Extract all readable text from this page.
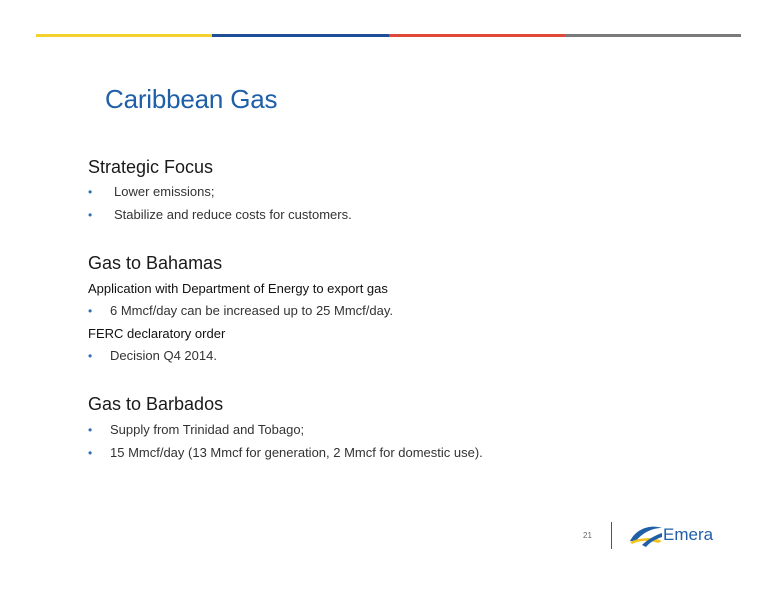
Caribbean Gas
Strategic Focus
•	Lower emissions;
•	Stabilize and reduce costs for customers.
Gas to Bahamas
Application with Department of Energy to export gas
•	6 Mmcf/day can be increased up to 25 Mmcf/day.
FERC declaratory order
•	Decision Q4 2014.
Gas to Barbados
•	Supply from Trinidad and Tobago;
•	15 Mmcf/day (13 Mmcf for generation, 2 Mmcf for domestic use).
21	Emera
